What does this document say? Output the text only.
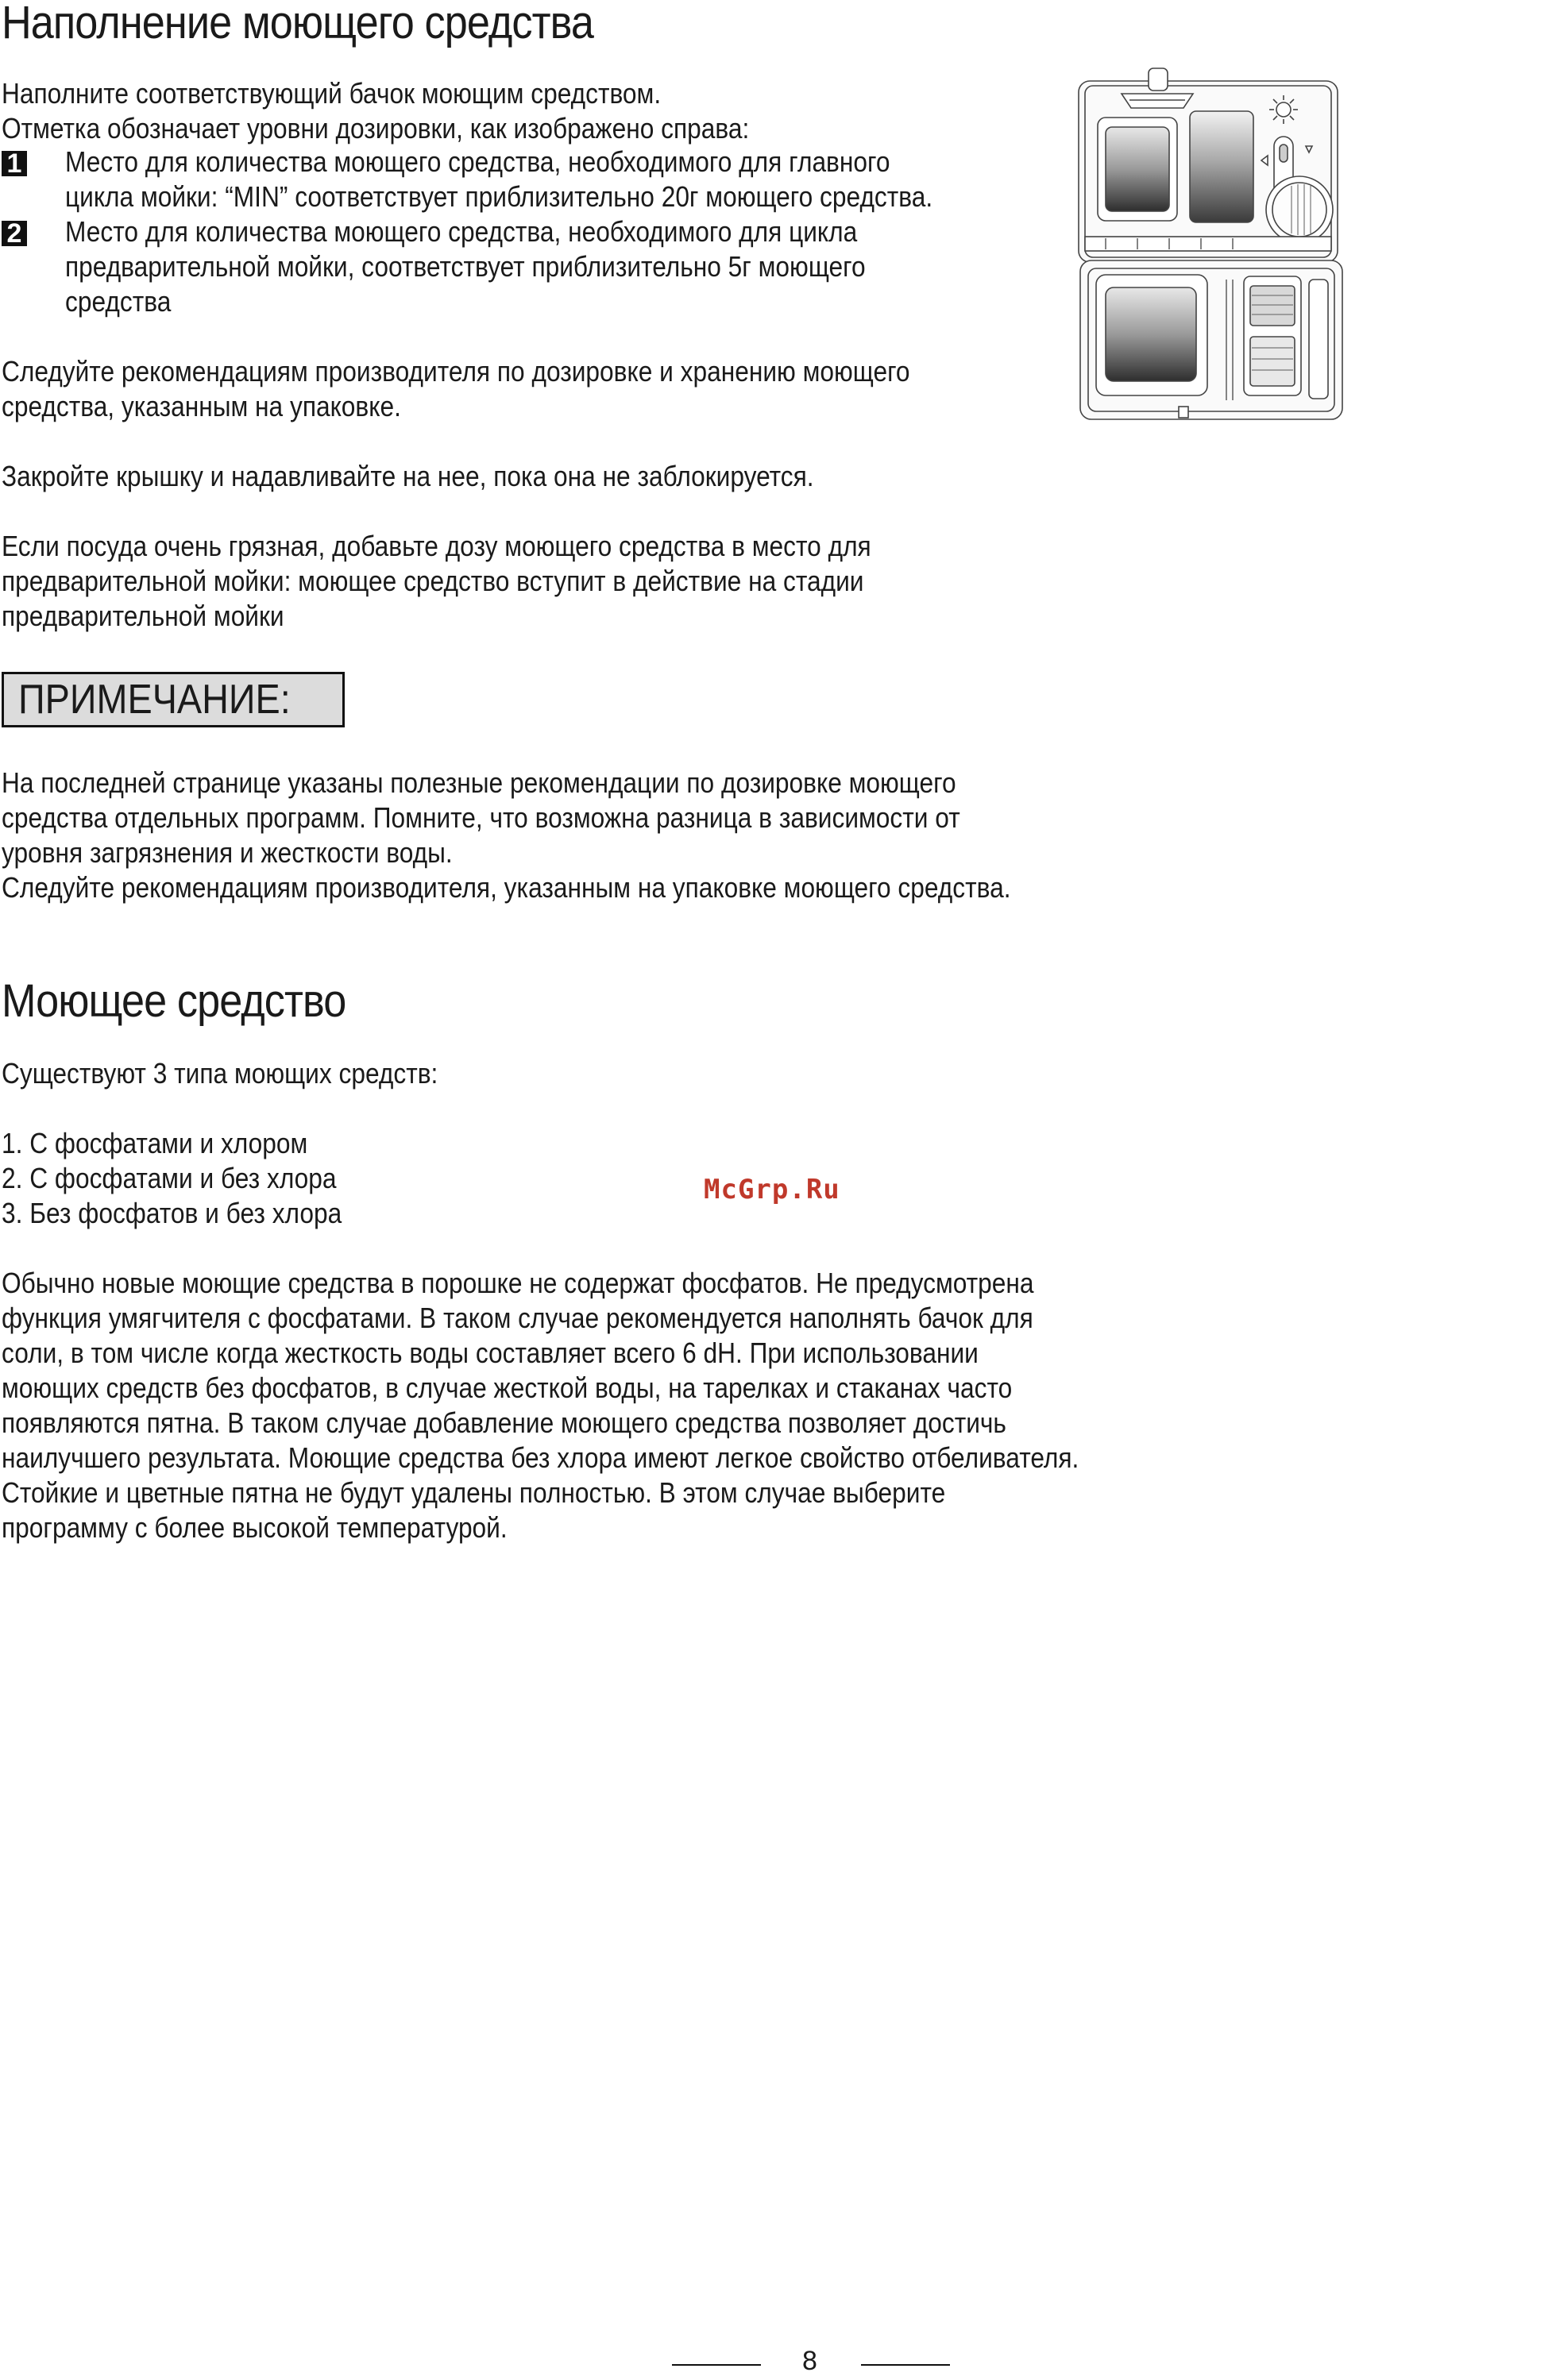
Наполнение моющего средства
Наполните соответствующий бачок моющим средством.
Отметка обозначает уровни дозировки, как изображено справа:
1 Место для количества моющего средства, необходимого для главного
цикла мойки: “MIN” соответствует приблизительно 20г моющего средства.
2 Место для количества моющего средства, необходимого для цикла
предварительной мойки, соответствует приблизительно 5г моющего
средства
Следуйте рекомендациям производителя по дозировке и хранению моющего
средства, указанным на упаковке.
Закройте крышку и надавливайте на нее, пока она не заблокируется.
Если посуда очень грязная, добавьте дозу моющего средства в место для
предварительной мойки: моющее средство вступит в действие на стадии
предварительной мойки
ПРИМЕЧАНИЕ:
На последней странице указаны полезные рекомендации по дозировке моющего
средства отдельных программ. Помните, что возможна разница в зависимости от
уровня загрязнения и жесткости воды.
Следуйте рекомендациям производителя, указанным на упаковке моющего средства.
Моющее средство
Существуют 3 типа моющих средств:
1. С фосфатами и хлором
2. С фосфатами и без хлора
3. Без фосфатов и без хлора
McGrp.Ru
Обычно новые моющие средства в порошке не содержат фосфатов. Не предусмотрена
функция умягчителя с фосфатами. В таком случае рекомендуется наполнять бачок для
соли, в том числе когда жесткость воды составляет всего 6 dH. При использовании
моющих средств без фосфатов, в случае жесткой воды, на тарелках и стаканах часто
появляются пятна. В таком случае добавление моющего средства позволяет достичь
наилучшего результата. Моющие средства без хлора имеют легкое свойство отбеливателя.
Стойкие и цветные пятна не будут удалены полностью. В этом случае выберите
программу с более высокой температурой.
8
